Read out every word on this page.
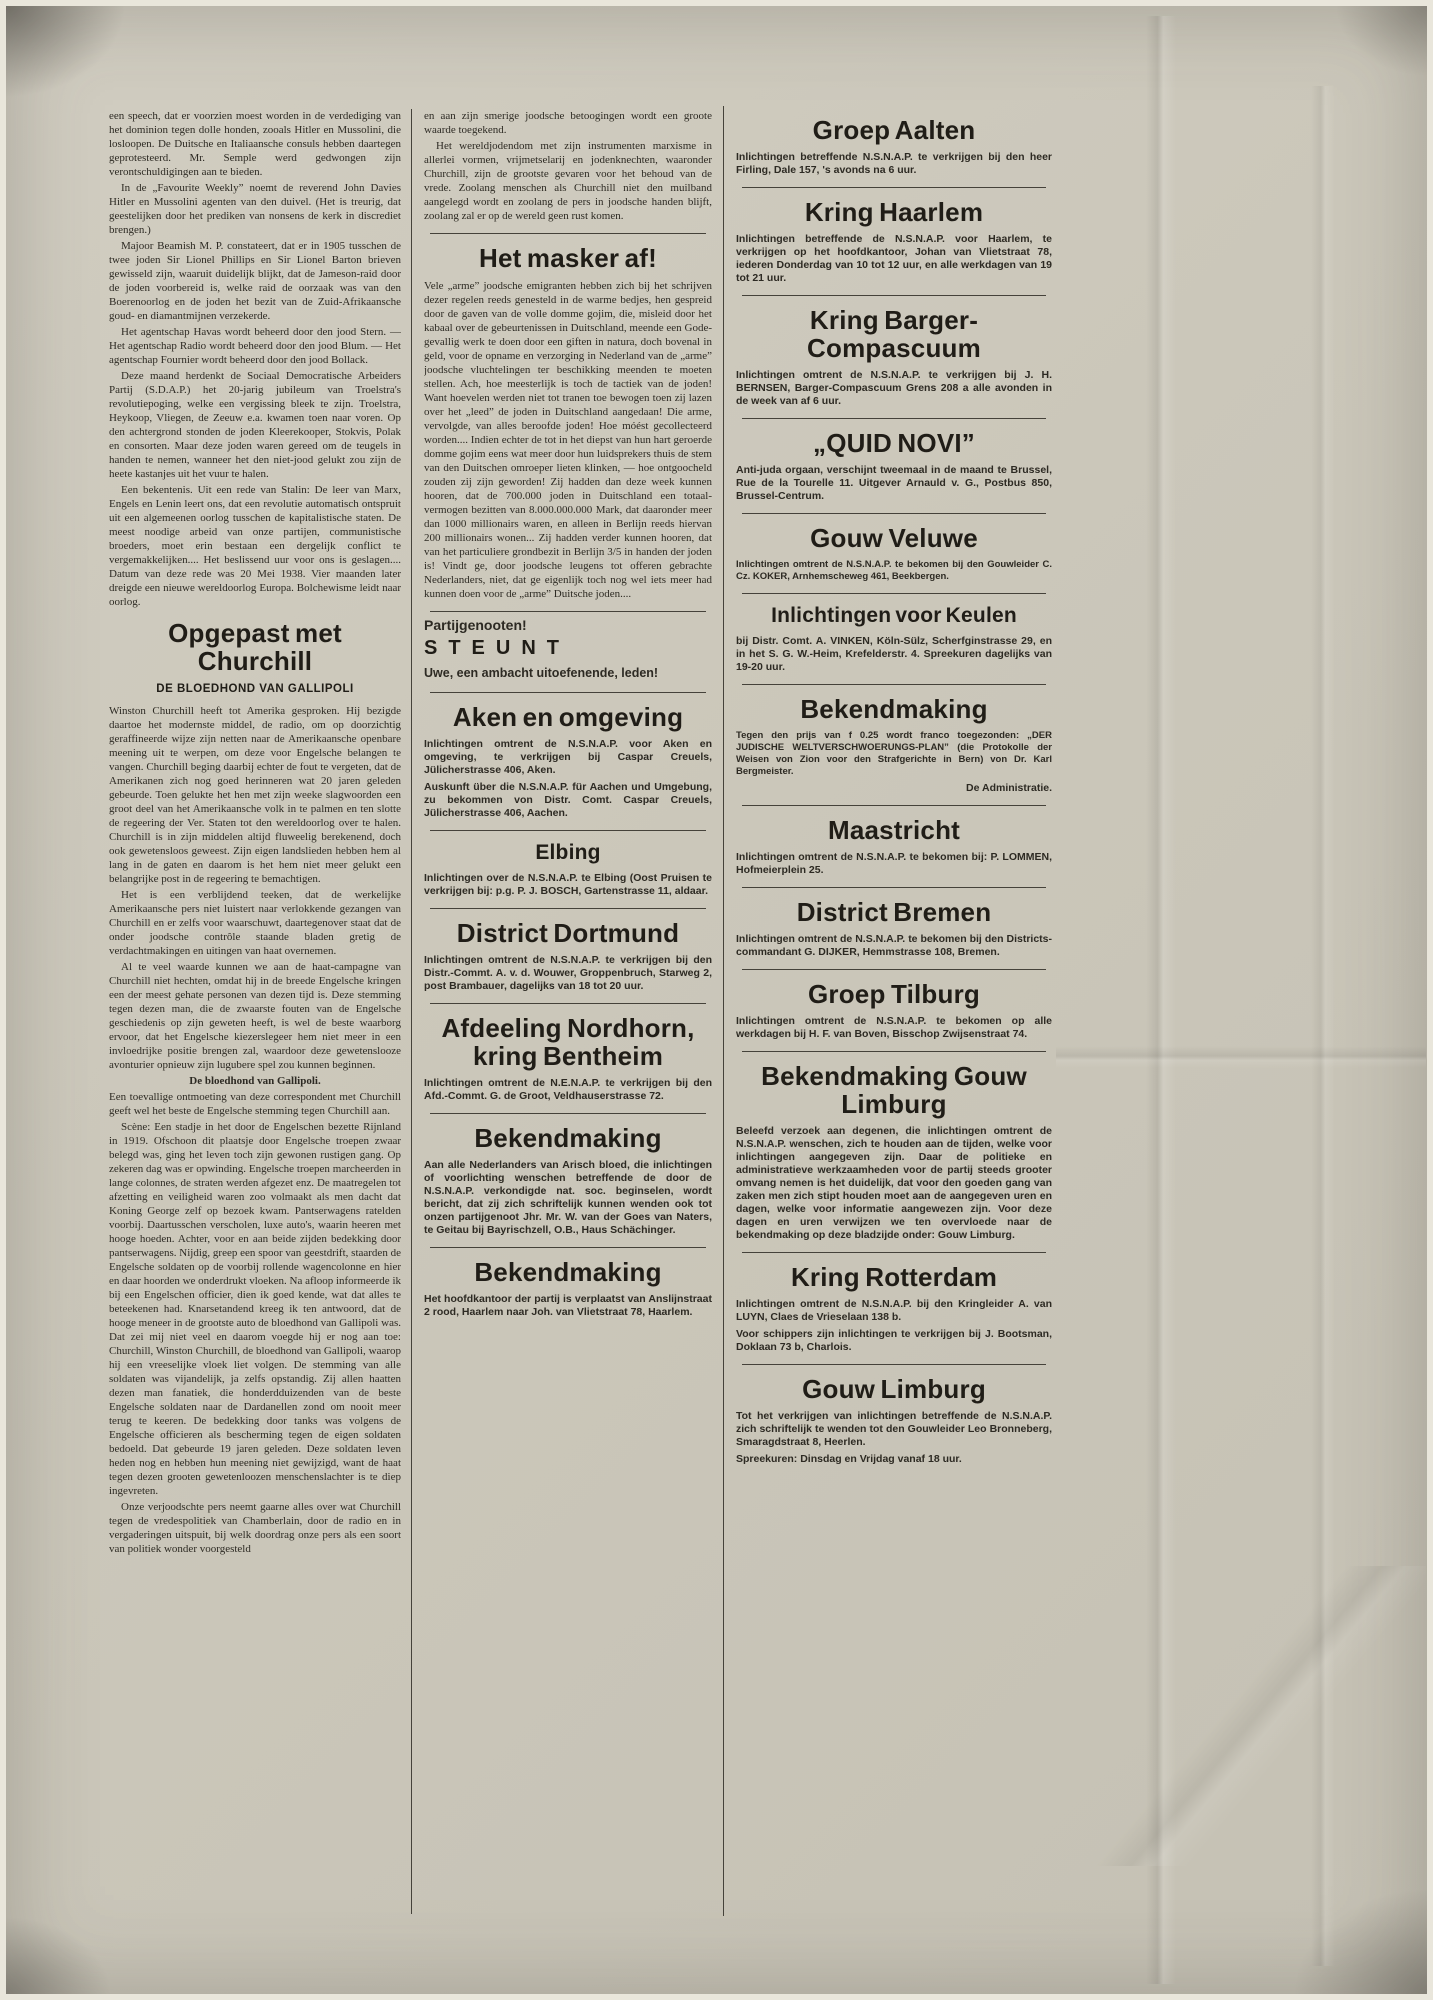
een speech, dat er voorzien moest worden in de verdediging van het dominion tegen dolle honden, zooals Hitler en Mussolini, die losloopen. De Duitsche en Italiaansche consuls hebben daartegen geprotesteerd. Mr. Semple werd gedwongen zijn verontschuldigingen aan te bieden.
In de „Favourite Weekly” noemt de reverend John Davies Hitler en Mussolini agenten van den duivel. (Het is treurig, dat geestelijken door het prediken van nonsens de kerk in discrediet brengen.)
Majoor Beamish M. P. constateert, dat er in 1905 tusschen de twee joden Sir Lionel Phillips en Sir Lionel Barton brieven gewisseld zijn, waaruit duidelijk blijkt, dat de Jameson-raid door de joden voorbereid is, welke raid de oorzaak was van den Boerenoorlog en de joden het bezit van de Zuid-Afrikaansche goud- en diamantmijnen verzekerde.
Het agentschap Havas wordt beheerd door den jood Stern. — Het agentschap Radio wordt beheerd door den jood Blum. — Het agentschap Fournier wordt beheerd door den jood Bollack.
Deze maand herdenkt de Sociaal Democratische Arbeiders Partij (S.D.A.P.) het 20-jarig jubileum van Troelstra's revolutiepoging, welke een vergissing bleek te zijn. Troelstra, Heykoop, Vliegen, de Zeeuw e.a. kwamen toen naar voren. Op den achtergrond stonden de joden Kleerekooper, Stokvis, Polak en consorten. Maar deze joden waren gereed om de teugels in handen te nemen, wanneer het den niet-jood gelukt zou zijn de heete kastanjes uit het vuur te halen.
Een bekentenis. Uit een rede van Stalin: De leer van Marx, Engels en Lenin leert ons, dat een revolutie automatisch ontspruit uit een algemeenen oorlog tusschen de kapitalistische staten. De meest noodige arbeid van onze partijen, communistische broeders, moet erin bestaan een dergelijk conflict te vergemakkelijken.... Het beslissend uur voor ons is geslagen.... Datum van deze rede was 20 Mei 1938. Vier maanden later dreigde een nieuwe wereldoorlog Europa. Bolchewisme leidt naar oorlog.
Opgepast met Churchill
DE BLOEDHOND VAN GALLIPOLI
Winston Churchill heeft tot Amerika gesproken. Hij bezigde daartoe het modernste middel, de radio, om op doorzichtig geraffineerde wijze zijn netten naar de Amerikaansche openbare meening uit te werpen, om deze voor Engelsche belangen te vangen. Churchill beging daarbij echter de fout te vergeten, dat de Amerikanen zich nog goed herinneren wat 20 jaren geleden gebeurde. Toen gelukte het hen met zijn weeke slagwoorden een groot deel van het Amerikaansche volk in te palmen en ten slotte de regeering der Ver. Staten tot den wereldoorlog over te halen. Churchill is in zijn middelen altijd fluweelig berekenend, doch ook gewetensloos geweest. Zijn eigen landslieden hebben hem al lang in de gaten en daarom is het hem niet meer gelukt een belangrijke post in de regeering te bemachtigen.
Het is een verblijdend teeken, dat de werkelijke Amerikaansche pers niet luistert naar verlokkende gezangen van Churchill en er zelfs voor waarschuwt, daartegenover staat dat de onder joodsche contrôle staande bladen gretig de verdachtmakingen en uitingen van haat overnemen.
Al te veel waarde kunnen we aan de haat-campagne van Churchill niet hechten, omdat hij in de breede Engelsche kringen een der meest gehate personen van dezen tijd is. Deze stemming tegen dezen man, die de zwaarste fouten van de Engelsche geschiedenis op zijn geweten heeft, is wel de beste waarborg ervoor, dat het Engelsche kiezerslegeer hem niet meer in een invloedrijke positie brengen zal, waardoor deze gewetenslooze avonturier opnieuw zijn lugubere spel zou kunnen beginnen.
De bloedhond van Gallipoli.
Een toevallige ontmoeting van deze correspondent met Churchill geeft wel het beste de Engelsche stemming tegen Churchill aan.
Scène: Een stadje in het door de Engelschen bezette Rijnland in 1919. Ofschoon dit plaatsje door Engelsche troepen zwaar belegd was, ging het leven toch zijn gewonen rustigen gang. Op zekeren dag was er opwinding. Engelsche troepen marcheerden in lange colonnes, de straten werden afgezet enz. De maatregelen tot afzetting en veiligheid waren zoo volmaakt als men dacht dat Koning George zelf op bezoek kwam. Pantserwagens ratelden voorbij. Daartusschen verscholen, luxe auto's, waarin heeren met hooge hoeden. Achter, voor en aan beide zijden bedekking door pantserwagens. Nijdig, greep een spoor van geestdrift, staarden de Engelsche soldaten op de voorbij rollende wagencolonne en hier en daar hoorden we onderdrukt vloeken. Na afloop informeerde ik bij een Engelschen officier, dien ik goed kende, wat dat alles te beteekenen had. Knarsetandend kreeg ik ten antwoord, dat de hooge meneer in de grootste auto de bloedhond van Gallipoli was. Dat zei mij niet veel en daarom voegde hij er nog aan toe: Churchill, Winston Churchill, de bloedhond van Gallipoli, waarop hij een vreeselijke vloek liet volgen. De stemming van alle soldaten was vijandelijk, ja zelfs opstandig. Zij allen haatten dezen man fanatiek, die honderdduizenden van de beste Engelsche soldaten naar de Dardanellen zond om nooit meer terug te keeren. De bedekking door tanks was volgens de Engelsche officieren als bescherming tegen de eigen soldaten bedoeld. Dat gebeurde 19 jaren geleden. Deze soldaten leven heden nog en hebben hun meening niet gewijzigd, want de haat tegen dezen grooten gewetenloozen menschenslachter is te diep ingevreten.
Onze verjoodschte pers neemt gaarne alles over wat Churchill tegen de vredespolitiek van Chamberlain, door de radio en in vergaderingen uitspuit, bij welk doordrag onze pers als een soort van politiek wonder voorgesteld
en aan zijn smerige joodsche betoogingen wordt een groote waarde toegekend.
Het wereldjodendom met zijn instrumenten marxisme in allerlei vormen, vrijmetselarij en jodenknechten, waaronder Churchill, zijn de grootste gevaren voor het behoud van de vrede. Zoolang menschen als Churchill niet den muilband aangelegd wordt en zoolang de pers in joodsche handen blijft, zoolang zal er op de wereld geen rust komen.
Het masker af!
Vele „arme” joodsche emigranten hebben zich bij het schrijven dezer regelen reeds genesteld in de warme bedjes, hen gespreid door de gaven van de volle domme gojim, die, misleid door het kabaal over de gebeurtenissen in Duitschland, meende een Gode-gevallig werk te doen door een giften in natura, doch bovenal in geld, voor de opname en verzorging in Nederland van de „arme” joodsche vluchtelingen ter beschikking meenden te moeten stellen. Ach, hoe meesterlijk is toch de tactiek van de joden! Want hoevelen werden niet tot tranen toe bewogen toen zij lazen over het „leed” de joden in Duitschland aangedaan! Die arme, vervolgde, van alles beroofde joden! Hoe móést gecollecteerd worden.... Indien echter de tot in het diepst van hun hart geroerde domme gojim eens wat meer door hun luidsprekers thuis de stem van den Duitschen omroeper lieten klinken, — hoe ontgoocheld zouden zij zijn geworden! Zij hadden dan deze week kunnen hooren, dat de 700.000 joden in Duitschland een totaal-vermogen bezitten van 8.000.000.000 Mark, dat daaronder meer dan 1000 millionairs waren, en alleen in Berlijn reeds hiervan 200 millionairs wonen... Zij hadden verder kunnen hooren, dat van het particuliere grondbezit in Berlijn 3/5 in handen der joden is! Vindt ge, door joodsche leugens tot offeren gebrachte Nederlanders, niet, dat ge eigenlijk toch nog wel iets meer had kunnen doen voor de „arme” Duitsche joden....
Partijgenooten!
STEUNT
Uwe, een ambacht uitoefenende, leden!
Aken en omgeving
Inlichtingen omtrent de N.S.N.A.P. voor Aken en omgeving, te verkrijgen bij Caspar Creuels, Jülicherstrasse 406, Aken.
Auskunft über die N.S.N.A.P. für Aachen und Umgebung, zu bekommen von Distr. Comt. Caspar Creuels, Jülicherstrasse 406, Aachen.
Elbing
Inlichtingen over de N.S.N.A.P. te Elbing (Oost Pruisen te verkrijgen bij: p.g. P. J. BOSCH, Gartenstrasse 11, aldaar.
District Dortmund
Inlichtingen omtrent de N.S.N.A.P. te verkrijgen bij den Distr.-Commt. A. v. d. Wouwer, Groppenbruch, Starweg 2, post Brambauer, dagelijks van 18 tot 20 uur.
Afdeeling Nordhorn, kring Bentheim
Inlichtingen omtrent de N.E.N.A.P. te verkrijgen bij den Afd.-Commt. G. de Groot, Veldhauserstrasse 72.
Bekendmaking
Aan alle Nederlanders van Arisch bloed, die inlichtingen of voorlichting wenschen betreffende de door de N.S.N.A.P. verkondigde nat. soc. beginselen, wordt bericht, dat zij zich schriftelijk kunnen wenden ook tot onzen partijgenoot Jhr. Mr. W. van der Goes van Naters, te Geitau bij Bayrischzell, O.B., Haus Schächinger.
Bekendmaking
Het hoofdkantoor der partij is verplaatst van Anslijnstraat 2 rood, Haarlem naar Joh. van Vlietstraat 78, Haarlem.
Groep Aalten
Inlichtingen betreffende N.S.N.A.P. te verkrijgen bij den heer Firling, Dale 157, 's avonds na 6 uur.
Kring Haarlem
Inlichtingen betreffende de N.S.N.A.P. voor Haarlem, te verkrijgen op het hoofdkantoor, Johan van Vlietstraat 78, iederen Donderdag van 10 tot 12 uur, en alle werkdagen van 19 tot 21 uur.
Kring Barger-Compascuum
Inlichtingen omtrent de N.S.N.A.P. te verkrijgen bij J. H. BERNSEN, Barger-Compascuum Grens 208 a alle avonden in de week van af 6 uur.
„QUID NOVI”
Anti-juda orgaan, verschijnt tweemaal in de maand te Brussel, Rue de la Tourelle 11. Uitgever Arnauld v. G., Postbus 850, Brussel-Centrum.
Gouw Veluwe
Inlichtingen omtrent de N.S.N.A.P. te bekomen bij den Gouwleider C. Cz. KOKER, Arnhemscheweg 461, Beekbergen.
Inlichtingen voor Keulen
bij Distr. Comt. A. VINKEN, Köln-Sülz, Scherfginstrasse 29, en in het S. G. W.-Heim, Krefelderstr. 4. Spreekuren dagelijks van 19-20 uur.
Bekendmaking
Tegen den prijs van f 0.25 wordt franco toegezonden: „DER JUDISCHE WELTVERSCHWOERUNGS-PLAN” (die Protokolle der Weisen von Zion voor den Strafgerichte in Bern) von Dr. Karl Bergmeister.
De Administratie.
Maastricht
Inlichtingen omtrent de N.S.N.A.P. te bekomen bij: P. LOMMEN, Hofmeierplein 25.
District Bremen
Inlichtingen omtrent de N.S.N.A.P. te bekomen bij den Districts-commandant G. DIJKER, Hemmstrasse 108, Bremen.
Groep Tilburg
Inlichtingen omtrent de N.S.N.A.P. te bekomen op alle werkdagen bij H. F. van Boven, Bisschop Zwijsenstraat 74.
Bekendmaking Gouw Limburg
Beleefd verzoek aan degenen, die inlichtingen omtrent de N.S.N.A.P. wenschen, zich te houden aan de tijden, welke voor inlichtingen aangegeven zijn. Daar de politieke en administratieve werkzaamheden voor de partij steeds grooter omvang nemen is het duidelijk, dat voor den goeden gang van zaken men zich stipt houden moet aan de aangegeven uren en dagen, welke voor informatie aangewezen zijn. Voor deze dagen en uren verwijzen we ten overvloede naar de bekendmaking op deze bladzijde onder: Gouw Limburg.
Kring Rotterdam
Inlichtingen omtrent de N.S.N.A.P. bij den Kringleider A. van LUYN, Claes de Vrieselaan 138 b.
Voor schippers zijn inlichtingen te verkrijgen bij J. Bootsman, Doklaan 73 b, Charlois.
Gouw Limburg
Tot het verkrijgen van inlichtingen betreffende de N.S.N.A.P. zich schriftelijk te wenden tot den Gouwleider Leo Bronneberg, Smaragdstraat 8, Heerlen.
Spreekuren: Dinsdag en Vrijdag vanaf 18 uur.
